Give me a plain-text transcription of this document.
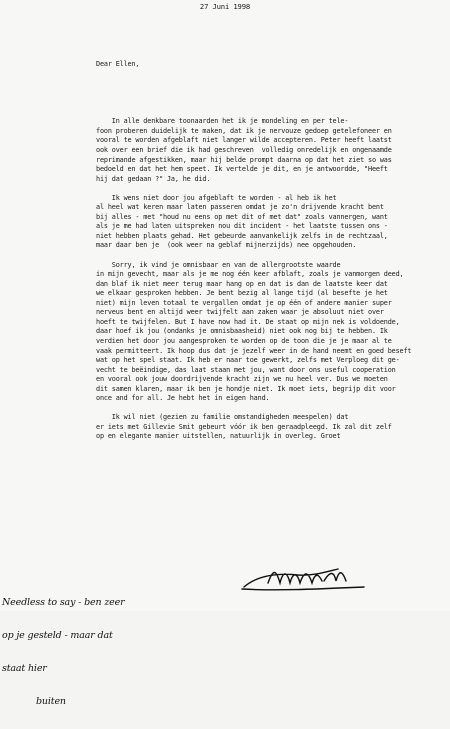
27 Juni 1998

Dear Ellen,

In alle denkbare toonaarden het ik je mondeling en per tele-
foon proberen duidelijk te maken, dat ik je nervouze gedoep getelefoneer en
vooral te worden afgeblaft niet langer wilde accepteren. Peter heeft laatst
ook over een brief die ik had geschreven  volledig onredelijk en ongenaamde
reprimande afgestikken, maar hij belde prompt daarna op dat het ziet so was
bedoeld en dat het hem speet. Ik vertelde je dit, en je antwoordde, "Heeft
hij dat gedaan ?" Ja, he did.
Ik wens niet door jou afgeblaft te worden - al heb ik het
al heel wat keren maar laten passeren omdat je zo'n drijvende kracht bent
bij alles - met "houd nu eens op met dit of met dat" zoals vannergen, want
als je me had laten uitspreken nou dit incident - het laatste tussen ons -
niet hebben plaats gehad. Het gebeurde aanvankelijk zelfs in de rechtzaal,
maar daar ben je  (ook weer na geblaf mijnerzijds) nee opgehouden.
Sorry, ik vind je omnisbaar en van de allergrootste waarde
in mijn gevecht, maar als je me nog één keer afblaft, zoals je vanmorgen deed,
dan blaf ik niet meer terug maar hang op en dat is dan de laatste keer dat
we elkaar gesproken hebben. Je bent bezig al lange tijd (al besefte je het
niet) mijn leven totaal te vergallen omdat je op één of andere manier super
nerveus bent en altijd weer twijfelt aan zaken waar je absoluut niet over
hoeft te twijfelen. But I have now had it. De staat op mijn nek is voldoende,
daar hoef ik jou (ondanks je omnisbaasheid) niet ook nog bij te hebben. Ik
verdien het door jou aangesproken te worden op de toon die je je maar al te
vaak permitteert. Ik hoop dus dat je jezelf weer in de hand neemt en goed beseft
wat op het spel staat. Ik heb er naar toe gewerkt, zelfs met Verploeg dit ge-
vecht te beëindige, das laat staan met jou, want door ons useful cooperation
en vooral ook jouw doordrijvende kracht zijn we nu heel ver. Dus we moeten
dit samen klaren, maar ik ben je hondje niet. Ik moet iets, begrijp dit voor
once and for all. Je hebt het in eigen hand.
Ik wil niet (gezien zu familie omstandigheden meespelen) dat
er iets met Gillevie Smit gebeurt vóór ik ben geraadpleegd. Ik zal dit zelf
op en elegante manier uitstellen, natuurlijk in overleg. Groet

Needless to say - ben zeer

op je gesteld - maar dat

staat hier

buiten
